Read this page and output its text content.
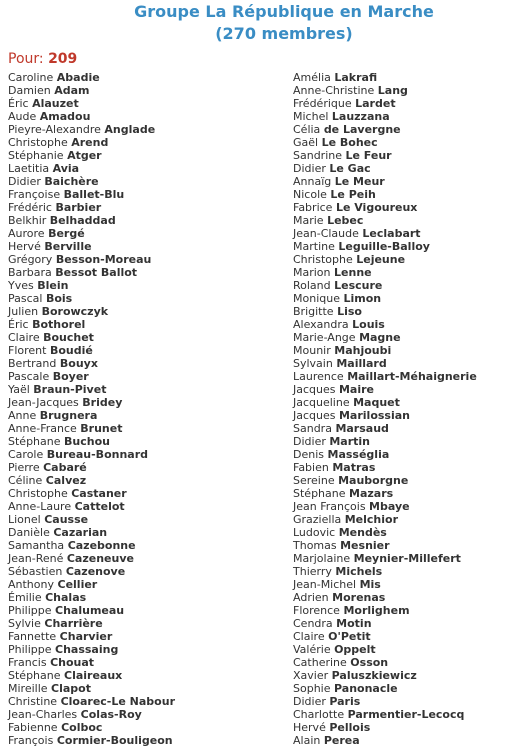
Groupe La République en Marche
(270 membres)
Pour: 209
Caroline Abadie
Damien Adam
Éric Alauzet
Aude Amadou
Pieyre-Alexandre Anglade
Christophe Arend
Stéphanie Atger
Laetitia Avia
Didier Baichère
Françoise Ballet-Blu
Frédéric Barbier
Belkhir Belhaddad
Aurore Bergé
Hervé Berville
Grégory Besson-Moreau
Barbara Bessot Ballot
Yves Blein
Pascal Bois
Julien Borowczyk
Éric Bothorel
Claire Bouchet
Florent Boudié
Bertrand Bouyx
Pascale Boyer
Yaël Braun-Pivet
Jean-Jacques Bridey
Anne Brugnera
Anne-France Brunet
Stéphane Buchou
Carole Bureau-Bonnard
Pierre Cabaré
Céline Calvez
Christophe Castaner
Anne-Laure Cattelot
Lionel Causse
Danièle Cazarian
Samantha Cazebonne
Jean-René Cazeneuve
Sébastien Cazenove
Anthony Cellier
Émilie Chalas
Philippe Chalumeau
Sylvie Charrière
Fannette Charvier
Philippe Chassaing
Francis Chouat
Stéphane Claireaux
Mireille Clapot
Christine Cloarec-Le Nabour
Jean-Charles Colas-Roy
Fabienne Colboc
François Cormier-Bouligeon
Amélia Lakrafi
Anne-Christine Lang
Frédérique Lardet
Michel Lauzzana
Célia de Lavergne
Gaël Le Bohec
Sandrine Le Feur
Didier Le Gac
Annaïg Le Meur
Nicole Le Peih
Fabrice Le Vigoureux
Marie Lebec
Jean-Claude Leclabart
Martine Leguille-Balloy
Christophe Lejeune
Marion Lenne
Roland Lescure
Monique Limon
Brigitte Liso
Alexandra Louis
Marie-Ange Magne
Mounir Mahjoubi
Sylvain Maillard
Laurence Maillart-Méhaignerie
Jacques Maire
Jacqueline Maquet
Jacques Marilossian
Sandra Marsaud
Didier Martin
Denis Masséglia
Fabien Matras
Sereine Mauborgne
Stéphane Mazars
Jean François Mbaye
Graziella Melchior
Ludovic Mendès
Thomas Mesnier
Marjolaine Meynier-Millefert
Thierry Michels
Jean-Michel Mis
Adrien Morenas
Florence Morlighem
Cendra Motin
Claire O'Petit
Valérie Oppelt
Catherine Osson
Xavier Paluszkiewicz
Sophie Panonacle
Didier Paris
Charlotte Parmentier-Lecocq
Hervé Pellois
Alain Perea
